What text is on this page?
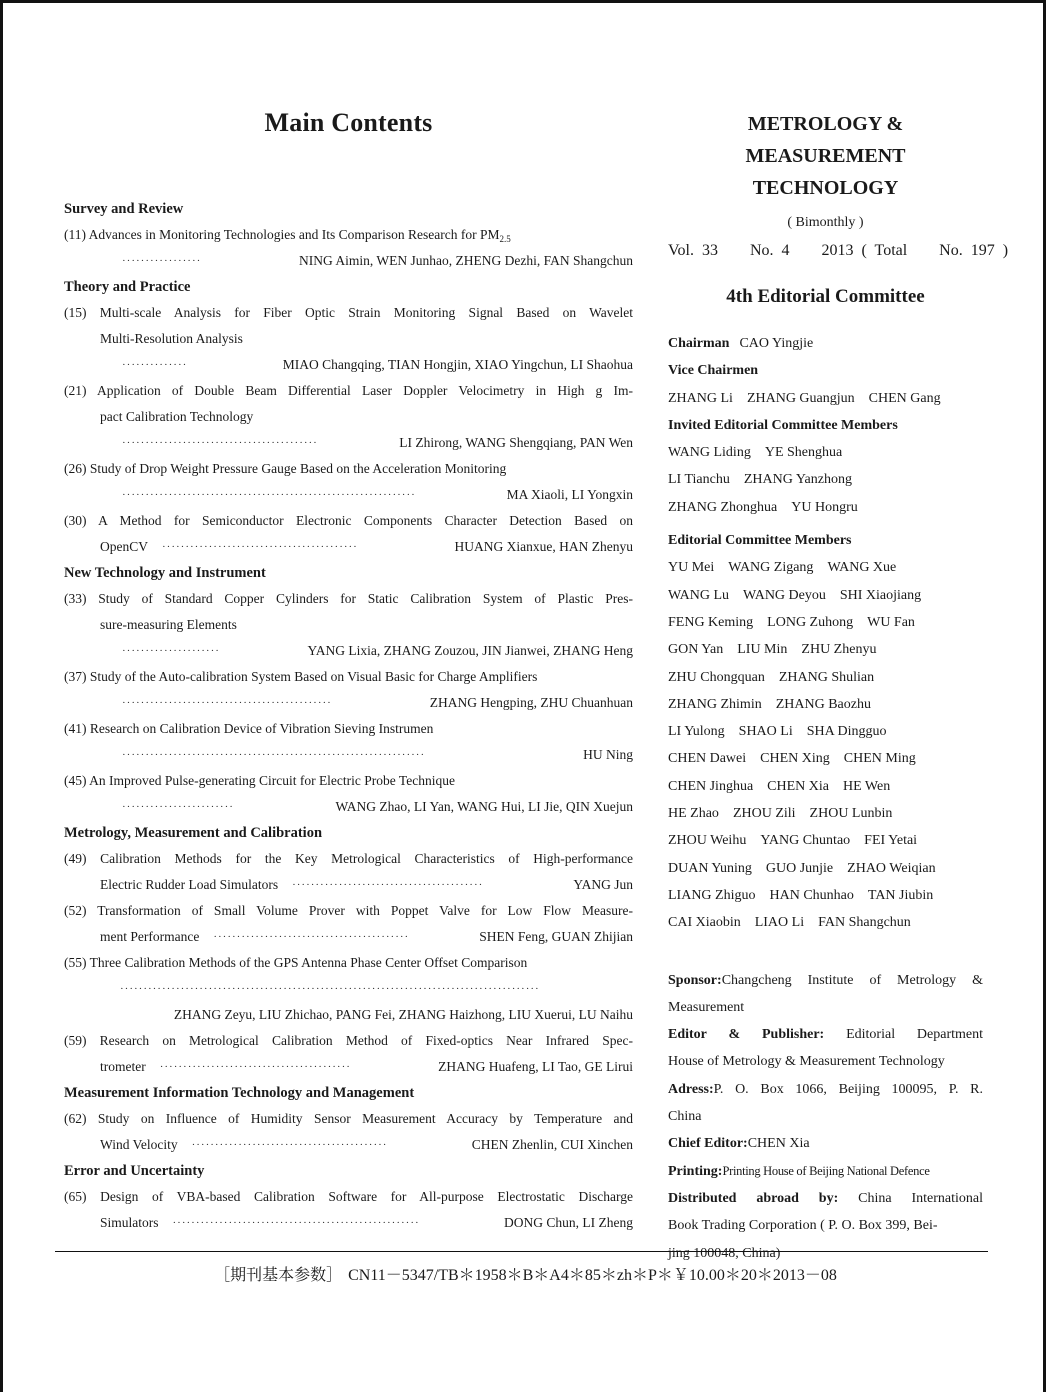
Main Contents
Survey and Review
(11) Advances in Monitoring Technologies and Its Comparison Research for $PM_{2.5}$
·················	NING Aimin, WEN Junhao, ZHENG Dezhi, FAN Shangchun
Theory and Practice
(15) Multi-scale Analysis for Fiber Optic Strain Monitoring Signal Based on Wavelet
Multi-Resolution Analysis
··············	MIAO Changqing, TIAN Hongjin, XIAO Yingchun, LI Shaohua
(21) Application of Double Beam Differential Laser Doppler Velocimetry in High g Im-
pact Calibration Technology
··········································	LI Zhirong, WANG Shengqiang, PAN Wen
(26) Study of Drop Weight Pressure Gauge Based on the Acceleration Monitoring
·······························································	MA Xiaoli, LI Yongxin
(30) A Method for Semiconductor Electronic Components Character Detection Based on
OpenCV ··········································	HUANG Xianxue, HAN Zhenyu
New Technology and Instrument
(33) Study of Standard Copper Cylinders for Static Calibration System of Plastic Pres-
sure-measuring Elements
·····················	YANG Lixia, ZHANG Zouzou, JIN Jianwei, ZHANG Heng
(37) Study of the Auto-calibration System Based on Visual Basic for Charge Amplifiers
·············································	ZHANG Hengping, ZHU Chuanhuan
(41) Research on Calibration Device of Vibration Sieving Instrumen
·································································	HU Ning
(45) An Improved Pulse-generating Circuit for Electric Probe Technique
························	WANG Zhao, LI Yan, WANG Hui, LI Jie, QIN Xuejun
Metrology, Measurement and Calibration
(49) Calibration Methods for the Key Metrological Characteristics of High-performance
Electric Rudder Load Simulators ·········································	YANG Jun
(52) Transformation of Small Volume Prover with Poppet Valve for Low Flow Measure-
ment Performance ··········································	SHEN Feng, GUAN Zhijian
(55) Three Calibration Methods of the GPS Antenna Phase Center Offset Comparison
··························································································
ZHANG Zeyu, LIU Zhichao, PANG Fei, ZHANG Haizhong, LIU Xuerui, LU Naihu
(59) Research on Metrological Calibration Method of Fixed-optics Near Infrared Spec-
trometer ·········································	ZHANG Huafeng, LI Tao, GE Lirui
Measurement Information Technology and Management
(62) Study on Influence of Humidity Sensor Measurement Accuracy by Temperature and
Wind Velocity ··········································	CHEN Zhenlin, CUI Xinchen
Error and Uncertainty
(65) Design of VBA-based Calibration Software for All-purpose Electrostatic Discharge
Simulators ·····················································	DONG Chun, LI Zheng
METROLOGY & MEASUREMENT
TECHNOLOGY
( Bimonthly )
Vol. 33    No. 4    2013 ( Total    No. 197 )
4th Editorial Committee
Chairman CAO Yingjie
Vice Chairmen
ZHANG Li ZHANG Guangjun CHEN Gang
Invited Editorial Committee Members
WANG Liding YE Shenghua
LI Tianchu ZHANG Yanzhong
ZHANG Zhonghua YU Hongru
Editorial Committee Members
YU Mei WANG Zigang WANG Xue
WANG Lu WANG Deyou SHI Xiaojiang
FENG Keming LONG Zuhong WU Fan
GON Yan LIU Min ZHU Zhenyu
ZHU Chongquan ZHANG Shulian
ZHANG Zhimin ZHANG Baozhu
LI Yulong SHAO Li SHA Dingguo
CHEN Dawei CHEN Xing CHEN Ming
CHEN Jinghua CHEN Xia HE Wen
HE Zhao ZHOU Zili ZHOU Lunbin
ZHOU Weihu YANG Chuntao FEI Yetai
DUAN Yuning GUO Junjie ZHAO Weiqian
LIANG Zhiguo HAN Chunhao TAN Jiubin
CAI Xiaobin LIAO Li FAN Shangchun
Sponsor:Changcheng Institute of Metrology &
Measurement
Editor & Publisher: Editorial Department
House of Metrology & Measurement Technology
Adress:P. O. Box 1066, Beijing 100095, P. R.
China
Chief Editor:CHEN Xia
Printing:Printing House of Beijing National Defence
Distributed abroad by: China International
Book Trading Corporation ( P. O. Box 399, Bei-
jing 100048, China)
［期刊基本参数］ CN11－5347/TB＊1958＊B＊A4＊85＊zh＊P＊￥10.00＊20＊2013－08
